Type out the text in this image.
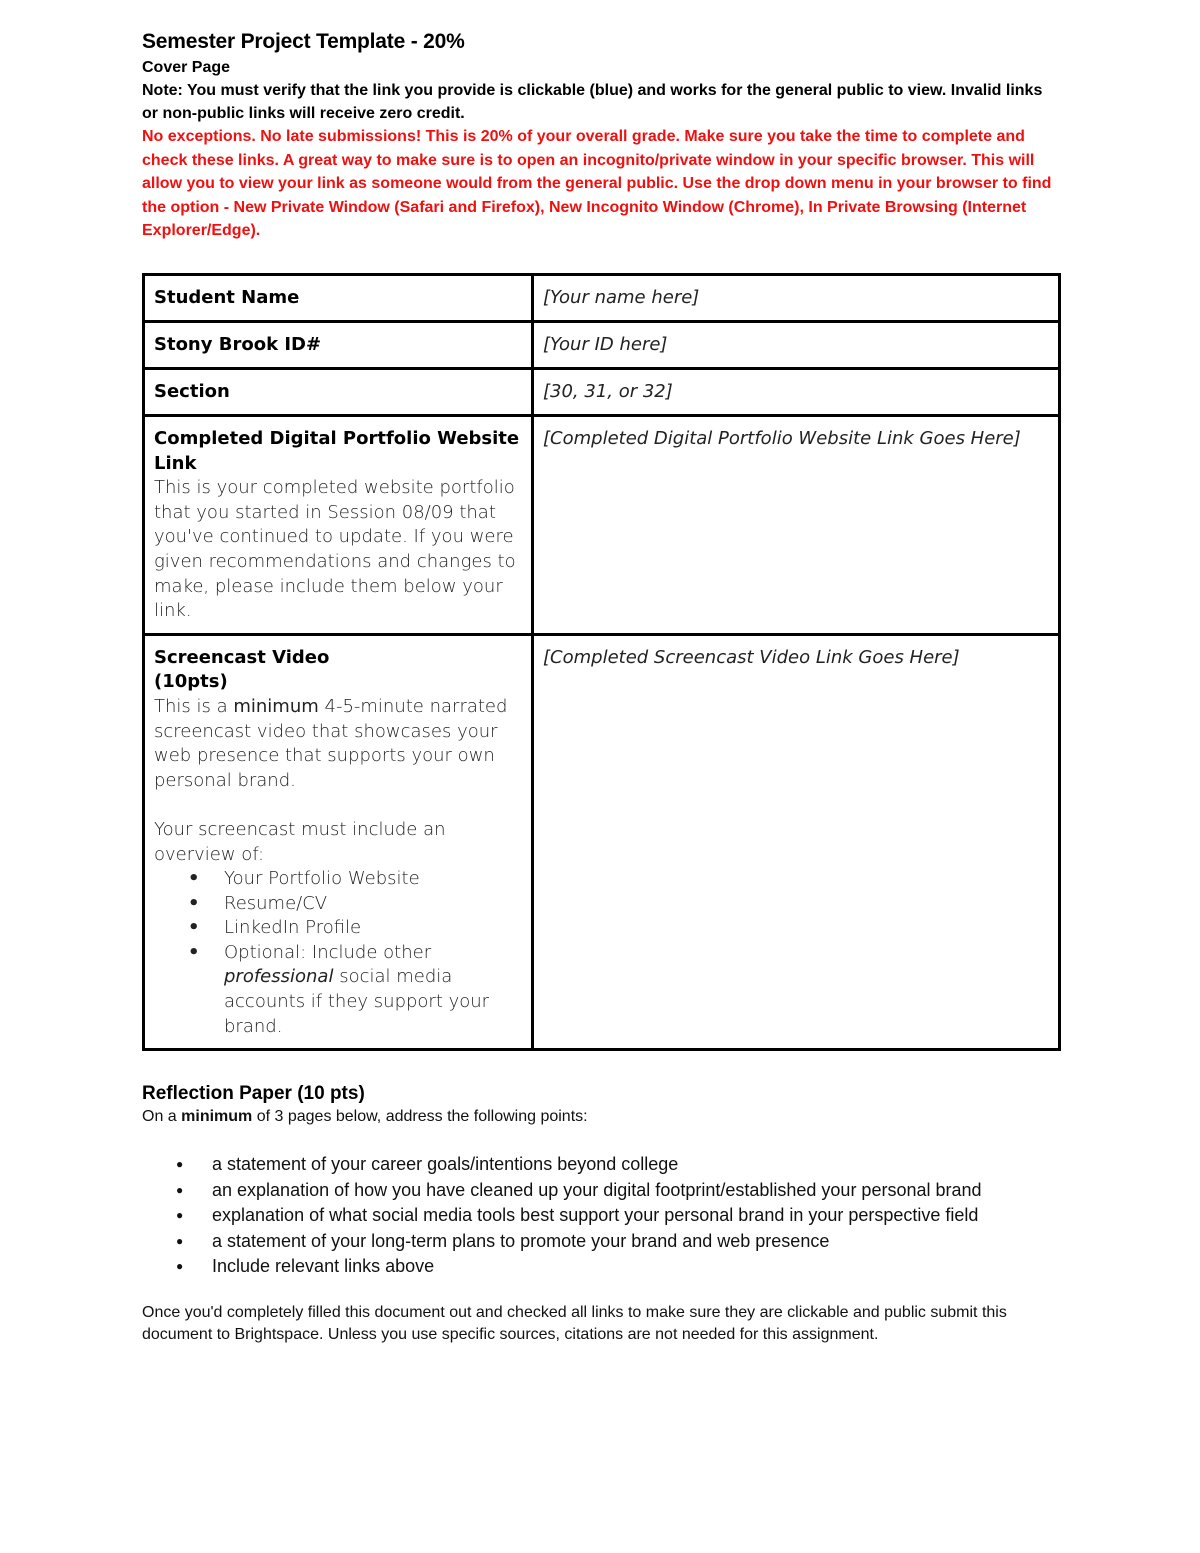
Semester Project Template - 20%
Cover Page
Note: You must verify that the link you provide is clickable (blue) and works for the general public to view. Invalid links or non-public links will receive zero credit.
No exceptions. No late submissions! This is 20% of your overall grade. Make sure you take the time to complete and check these links. A great way to make sure is to open an incognito/private window in your specific browser. This will allow you to view your link as someone would from the general public. Use the drop down menu in your browser to find the option - New Private Window (Safari and Firefox), New Incognito Window (Chrome), In Private Browsing (Internet Explorer/Edge).
Student Name	[Your name here]
Stony Brook ID#	[Your ID here]
Section	[30, 31, or 32]

Completed Digital Portfolio Website Link
This is your completed website portfolio that you started in Session 08/09 that you've continued to update. If you were given recommendations and changes to make, please include them below your link.	[Completed Digital Portfolio Website Link Goes Here]

Screencast Video
(10pts)
This is a minimum 4-5-minute narrated screencast video that showcases your web presence that supports your own personal brand.
Your screencast must include an overview of:
• Your Portfolio Website
• Resume/CV
• LinkedIn Profile
• Optional: Include other professional social media accounts if they support your brand.
	[Completed Screencast Video Link Goes Here]
Reflection Paper (10 pts)

On a minimum of 3 pages below, address the following points:

● a statement of your career goals/intentions beyond college
● an explanation of how you have cleaned up your digital footprint/established your personal brand
● explanation of what social media tools best support your personal brand in your perspective field
● a statement of your long-term plans to promote your brand and web presence
● Include relevant links above

Once you'd completely filled this document out and checked all links to make sure they are clickable and public submit this document to Brightspace. Unless you use specific sources, citations are not needed for this assignment.
